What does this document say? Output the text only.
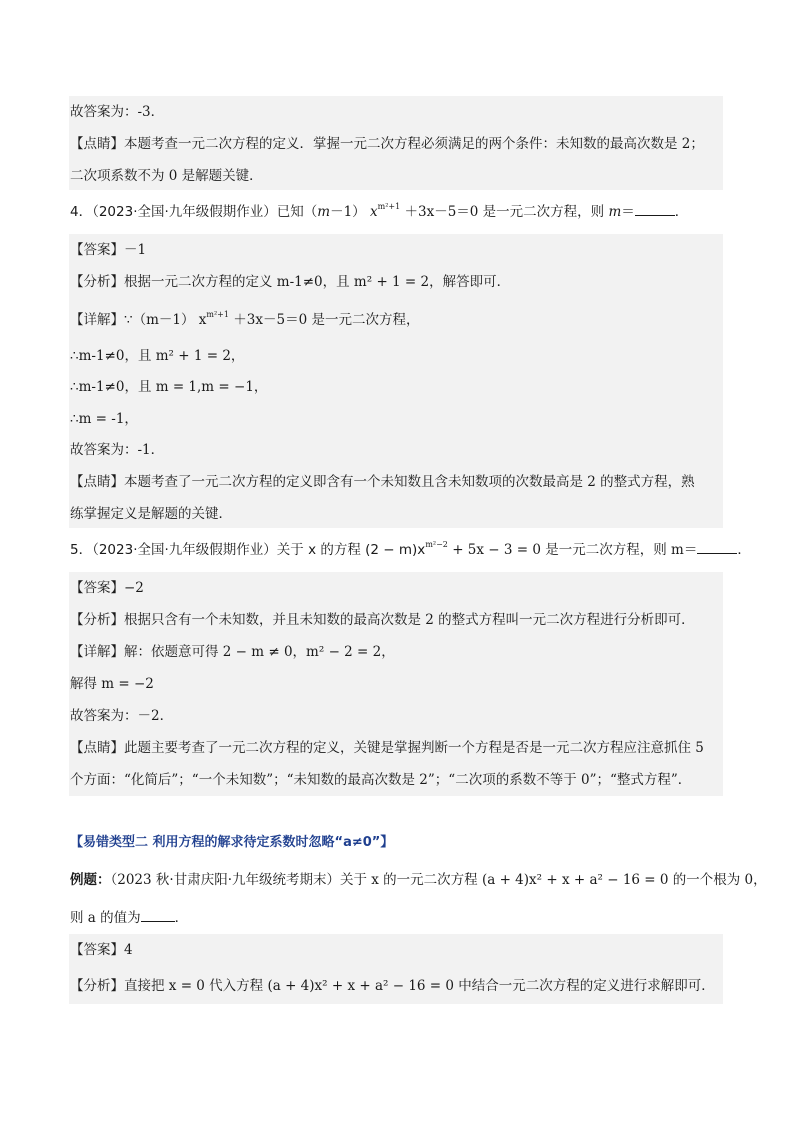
故答案为：-3．
【点睛】本题考查一元二次方程的定义．掌握一元二次方程必须满足的两个条件：未知数的最高次数是 2；
二次项系数不为 0 是解题关键．
4．（2023·全国·九年级假期作业）已知（m－1） $x^{m^2+1} +3x-5=0$ 是一元二次方程，则 m＝	．
【答案】－1
【分析】根据一元二次方程的定义 m-1≠0，且 m² + 1 = 2，解答即可．
【详解】∵（m－1） $x^{m^2+1} +3x-5=0$ 是一元二次方程，
∴m-1≠0，且 m² + 1 = 2，
∴m-1≠0，且 m = 1,m = −1，
∴m = -1，
故答案为：-1．
【点睛】本题考查了一元二次方程的定义即含有一个未知数且含未知数项的次数最高是 2 的整式方程，熟
练掌握定义是解题的关键．
5．（2023·全国·九年级假期作业）关于 x 的方程 $(2 - m)x^{m^2-2} + 5x - 3 = 0$ 是一元二次方程，则 m＝	．
【答案】−2
【分析】根据只含有一个未知数，并且未知数的最高次数是 2 的整式方程叫一元二次方程进行分析即可．
【详解】解：依题意可得 2 − m ≠ 0，m² − 2 = 2，
解得 m = −2
故答案为：－2．
【点睛】此题主要考查了一元二次方程的定义，关键是掌握判断一个方程是否是一元二次方程应注意抓住 5
个方面：“化简后”；“一个未知数”；“未知数的最高次数是 2”；“二次项的系数不等于 0”；“整式方程”．
【易错类型二 利用方程的解求待定系数时忽略“a≠0”】
例题：（2023 秋·甘肃庆阳·九年级统考期末）关于 x 的一元二次方程 (a + 4)x² + x + a² − 16 = 0 的一个根为 0，
则 a 的值为	．
【答案】4
【分析】直接把 x = 0 代入方程 (a + 4)x² + x + a² − 16 = 0 中结合一元二次方程的定义进行求解即可．
